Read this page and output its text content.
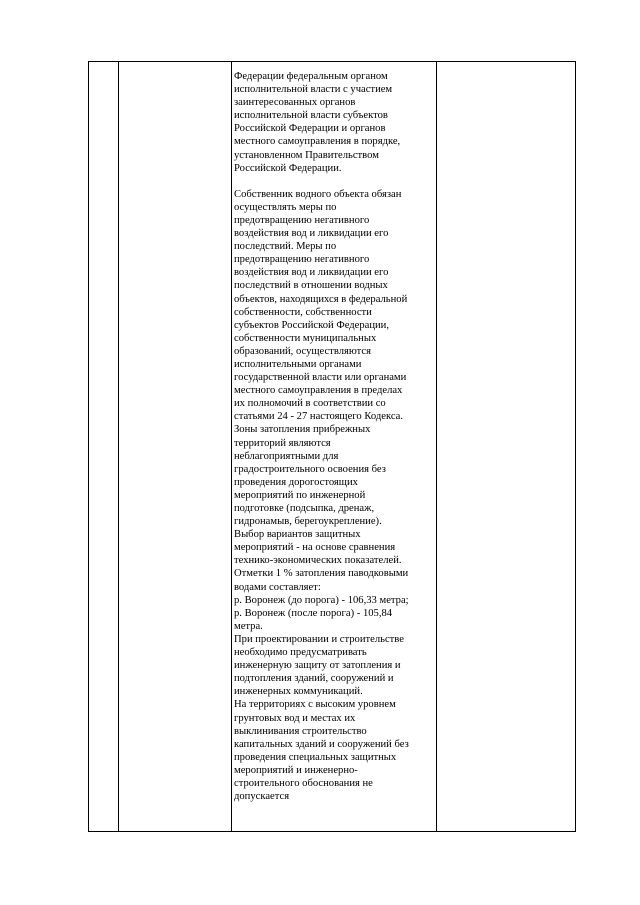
Федерации федеральным органом
исполнительной власти с участием
заинтересованных органов
исполнительной власти субъектов
Российской Федерации и органов
местного самоуправления в порядке,
установленном Правительством
Российской Федерации.

Собственник водного объекта обязан
осуществлять меры по
предотвращению негативного
воздействия вод и ликвидации его
последствий. Меры по
предотвращению негативного
воздействия вод и ликвидации его
последствий в отношении водных
объектов, находящихся в федеральной
собственности, собственности
субъектов Российской Федерации,
собственности муниципальных
образований, осуществляются
исполнительными органами
государственной власти или органами
местного самоуправления в пределах
их полномочий в соответствии со
статьями 24 - 27 настоящего Кодекса.

Зоны затопления прибрежных
территорий являются
неблагоприятными для
градостроительного освоения без
проведения дорогостоящих
мероприятий по инженерной
подготовке (подсыпка, дренаж,
гидронамыв, берегоукрепление).

Выбор вариантов защитных
мероприятий - на основе сравнения
технико-экономических показателей.

Отметки 1 % затопления паводковыми
водами составляет:

р. Воронеж (до порога) - 106,33 метра;

р. Воронеж (после порога) - 105,84
метра.

При проектировании и строительстве
необходимо предусматривать
инженерную защиту от затопления и
подтопления зданий, сооружений и
инженерных коммуникаций.

На территориях с высоким уровнем
грунтовых вод и местах их
выклинивания строительство
капитальных зданий и сооружений без
проведения специальных защитных
мероприятий и инженерно-
строительного обоснования не
допускается
